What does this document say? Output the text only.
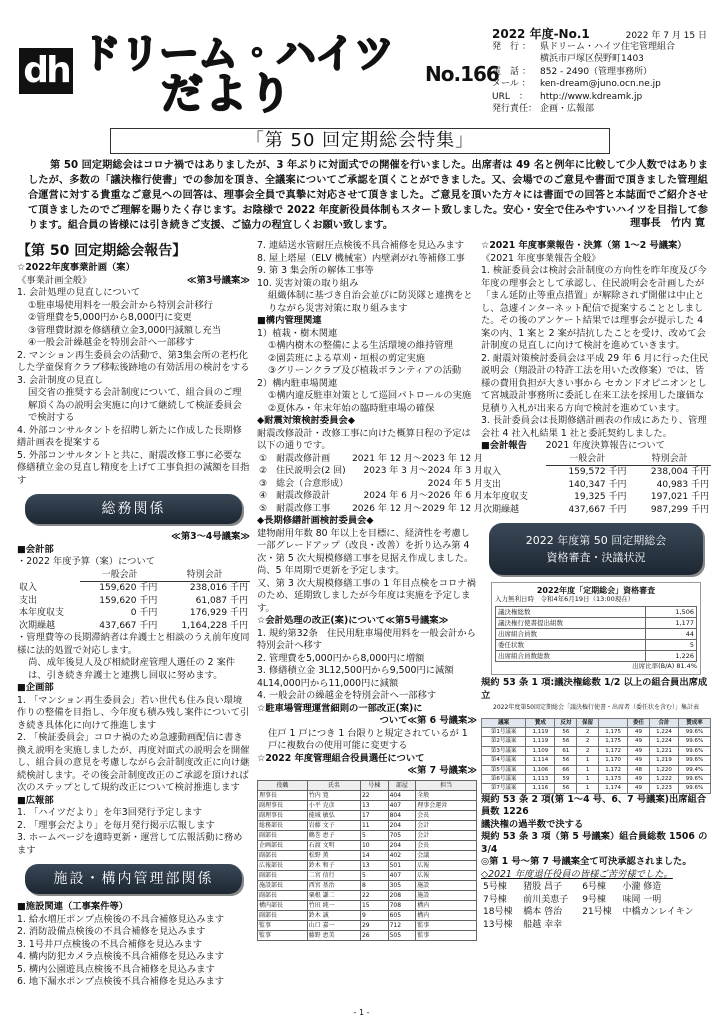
dh ドリーム・ハイツ
だより	No.166
2022 年度-No.1	2022 年 7 月 15 日
発　行 ：	県ドリーム・ハイツ住宅管理組合
横浜市戸塚区俣野町1403
電　話 ：	852 - 2490（管理事務所）
メール ：	ken-dream@juno.ocn.ne.jp
URL　：	http://www.kdreamk.jp
発行責任： 企画・広報部
「第 50 回定期総会特集」
第 50 回定期総会はコロナ禍ではありましたが、3 年ぶりに対面式での開催を行いました。出席者は 49 名と例年に比較して少人数ではありましたが、多数の「議決権行使書」での参加を頂き、全議案についてご承認を頂くことができました。又、会場でのご意見や書面で頂きました管理組合運営に対する貴重なご意見への回答は、理事会全員で真摯に対応させて頂きました。ご意見を頂いた方々には書面での回答と本誌面でご紹介させて頂きましたのでご理解を賜りたく存じます。お陰様で 2022 年度新役員体制もスタート致しました。安心・安全で住みやすいハイツを目指して参ります。組合員の皆様には引き続きご支援、ご協力の程宜しくお願い致します。	理事長　竹内 寛
【第 50 回定期総会報告】

☆2022年度事業計画（案）

《事業計画全般》	≪第3号議案≫

1. 会計処理の見直しについて

①駐車場使用料を一般会計から特別会計移行

②管理費を5,000円から8,000円に変更

③管理費財源を修繕積立金3,000円減額し充当

④一般会計繰越金を特別会計へ一部移す

2. マンション再生委員会の活動で、第3集会所の老朽化した学童保育クラブ移転後跡地の有効活用の検討をする

3. 会計制度の見直し

国交省の推奨する会計制度について、組合員のご理解頂く為の説明会実施に向けて継続して検証委員会で検討する

4. 外部コンサルタントを招聘し新たに作成した長期修繕計画表を提案する

5. 外部コンサルタントと共に、耐震改修工事に必要な修繕積立金の見直し精度を上げて工事負担の減額を目指す

総務関係

≪第3～4号議案≫

■会計部

・2022 年度予算（案）について

	一般会計	特別会計
収入	159,620 千円	238,016 千円
支出	159,620 千円	61,087 千円
本年度収支	0 千円	176,929 千円
次期繰越	437,667 千円	1,164,228 千円

・管理費等の長期滞納者は弁護士と相談のうえ前年度同様に法的処置で対応します。

尚、成年後見人及び相続財産管理人選任の 2 案件は、引き続き弁護士と連携し回収に努めます。

■企画部

1. 「マンション再生委員会」若い世代も住み良い環境作りの整備を目指し、今年度も積み残し案件について引き続き具体化に向けて推進します

2. 「検証委員会」コロナ禍のため急遽動画配信に書き換え説明を実施しましたが、再度対面式の説明会を開催し、組合員の意見を考慮しながら会計制度改正に向け継続検討します。その後会計制度改正のご承認を頂ければ次のステップとして規約改正について検討推進します

■広報部

1. 「ハイツだより」を年3回発行予定します

2. 「理事会だより」を毎月発行掲示広報します

3. ホームページを適時更新・運営して広報活動に務めます

施設・構内管理部関係

■施設関連（工事案件等）

1. 給水増圧ポンプ点検後の不具合補修見込みます

2. 消防設備点検後の不具合補修を見込みます

3. 1号井戸点検後の不具合補修を見込みます

4. 構内防犯カメラ点検後不具合補修を見込みます

5. 構内公園遊具点検後不具合補修を見込みます

6. 地下漏水ポンプ点検後不具合補修を見込みます

7. 連結送水管耐圧点検後不具合補修を見込みます

8. 屋上塔屋（ELV 機械室）内壁剥がれ等補修工事

9. 第 3 集会所の解体工事等

10. 災害対策の取り組み

組織体制に基づき自治会並びに防災隊と連携をとりながら災害対策に取り組みます

■構内管理関連

1）植栽・樹木関連

①構内樹木の整備による生活環境の維持管理

②園芸班による草刈・垣根の剪定実施

③グリーンクラブ及び植栽ボランティアの活動

2）構内駐車場関連

①構内違反駐車対策として巡回パトロールの実施

②夏休み・年末年始の臨時駐車場の確保

◆耐震対策検討委員会◆

耐震改修設計・改修工事に向けた概算日程の予定は以下の通りです。

①　耐震改修計画	2021 年 12 月～2023 年 12 月
②　住民説明会(2 回)	2023 年 3 月～2024 年 3 月
③　総会（合意形成）	2024 年 5 月
④　耐震改修設計	2024 年 6 月～2026 年 6 月
⑤　耐震改修工事	2026 年 12 月～2029 年 12 月

◆長期修繕計画検討委員会◆

建物耐用年数 80 年以上を目標に、経済性を考慮し一部グレードアップ（改良・改善）を折り込み第 4 次・第 5 次大規模修繕工事を見据え作成しました。尚、5 年周期で更新を予定します。

又、第 3 次大規模修繕工事の 1 年目点検をコロナ禍のため、延期致しましたが今年度は実施を予定します。

☆会計処理の改正(案)について≪第5号議案≫

1. 規約第32条　住民用駐車場使用料を一般会計から特別会計へ移す

2. 管理費を5,000円から8,000円に増額

3. 修繕積立金 3L12,500円から9,500円に減額　4L14,000円から11,000円に減額

4. 一般会計の繰越金を特別会計へ一部移す

☆駐車場管理運営細則の一部改正(案)に

ついて≪第 6 号議案≫

住戸 1 戸につき 1 台限りと規定されているが 1 戸に複数台の使用可能に変更する

☆2022 年度管理組合役員選任について

≪第 7 号議案≫

役職	氏名	号棟	部屋	担当
理事長	竹内 寛	22	404	全般
副理事長	小平 克彦	13	407	理事会運営
副理事長	能城 敏弘	17	804	会長
総務部長	岩藤 文子	11	204	会計
副部長	鶴巻 恵子	5	705	会計
企画部長	石渡 文明	10	204	会長
副部長	松野 薫	14	402	会議
広報部長	鈴木 和子	13	501	広報
副部長	二宮 信行	5	407	広報
施設部長	西宮 基治	8	305	施設
副部長	粟根 謙二	22	208	施設
構内部長	竹田 純一	15	708	構内
副部長	鈴木 誠	9	605	構内
監事	山口 嘉一	29	712	監事
監事	藤野 恵美	26	505	監事

☆2021 年度事業報告・決算（第 1～2 号議案）

《2021 年度事業報告全般》

1. 検証委員会は検討会計制度の方向性を昨年度及び今年度の理事会として承認し、住民説明会を計画したが「まん延防止等重点措置」が解除されず開催は中止とし、急遽インターネット配信で提案することとしました。その後のアンケート結果では理事会が提示した 4 案の内、1 案と 2 案が拮抗したことを受け、改めて会計制度の見直しに向けて検討を進めていきます。

2. 耐震対策検討委員会は平成 29 年 6 月に行った住民説明会（翔設計の特許工法を用いた改修案）では、皆様の費用負担が大きい事から セカンドオピニオンとして宮城設計事務所に委託し在来工法を採用した廉価な見積り入札が出来る方向で検討を進めています。

3. 長計委員会は長期修繕計画表の作成にあたり、管理会社 4 社入札結果 1 社と委託契約しました。

■会計報告　　 2021 年度決算報告について

	一般会計	特別会計
収入	159,572 千円	238,004 千円
支出	140,347 千円	40,983 千円
本年度収支	19,325 千円	197,021 千円
次期繰越	437,667 千円	987,299 千円
2022 年度第 50 回定期総会
資格審査・決議状況
2022年度「定期総会」資格審査
入力無利日時　 令和4年6月19日（13:00現在）
議決権総数	1,506
議決権行使書提出組数	1,177
出席組合員数	44
委任状数	5
出席組合員数総数	1,226
出席比率(B/A) 81.4%

規約 53 条 1 項:議決権総数 1/2 以上の組合員出席成立

2022年度第50回定期総会「議決権行使書・出席者（委任状を含む）」集計表
議案	賛成	反対	保留		委任	合計	賛成率
第1号議案	1,119	56	2	1,175	49	1,224	99.6%
第2号議案	1,119	56	2	1,175	49	1,224	99.6%
第3号議案	1,109	61	2	1,172	49	1,221	99.6%
第4号議案	1,114	56	1	1,170	49	1,219	99.6%
第5号議案	1,106	66	1	1,172	48	1,220	99.4%
第6号議案	1,113	59	1	1,173	49	1,222	99.6%
第7号議案	1,116	56	1	1,174	49	1,223	99.6%

規約 53 条 2 項(第 1～4 号、6、7 号議案)出席組合員数 1226

議決権の過半数で決する

規約 53 条 3 項（第 5 号議案）組合員総数 1506 の 3/4

◎第 1 号～第 7 号議案全て可決承認されました。

◇2021 年度退任役員の皆様ご苦労様でした。

5号棟	猪股 昌子	6号棟	小瀧 修造
7号棟	前川美恵子	9号棟	味岡 一明
18号棟	橋本 啓治	21号棟	中橋カンレイキン
13号棟	船越 幸幸		
- 1 -
